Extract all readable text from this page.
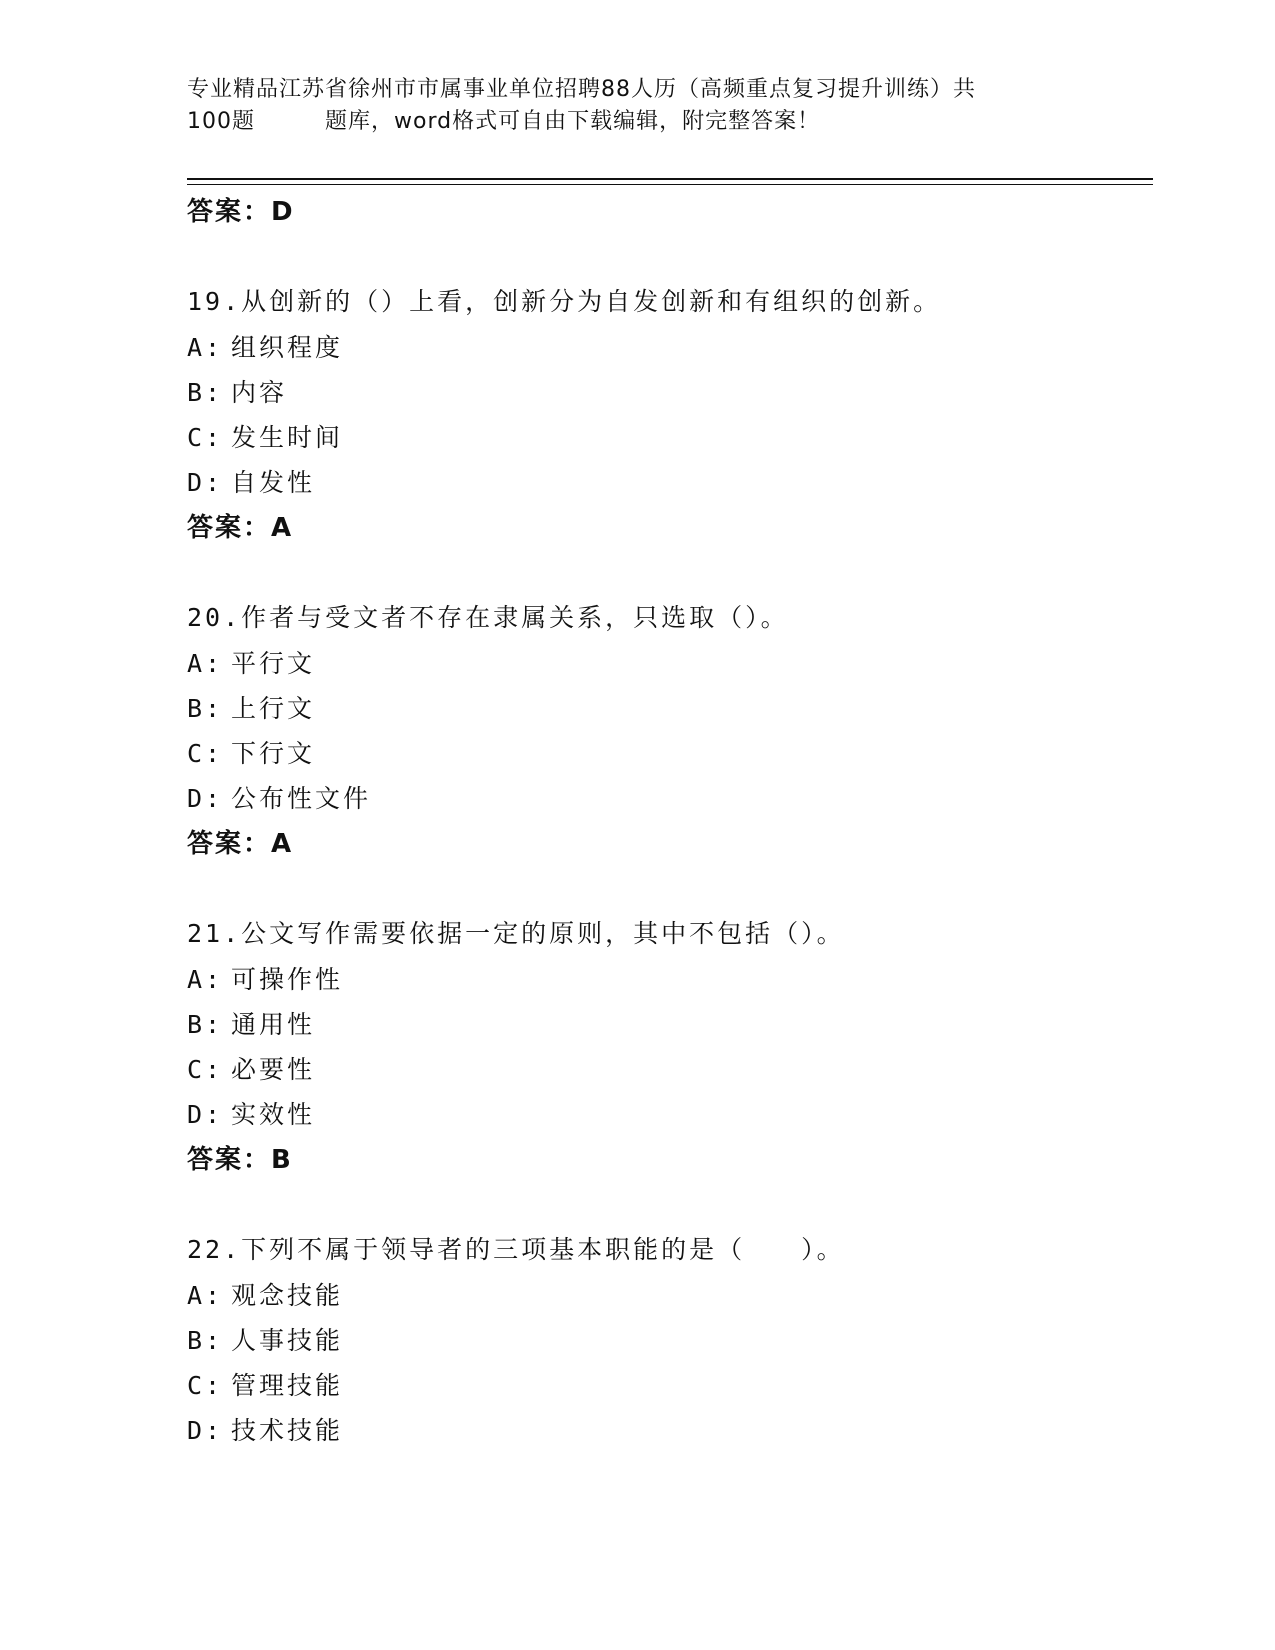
专业精品江苏省徐州市市属事业单位招聘88人历（高频重点复习提升训练）共
100题	题库，word格式可自由下载编辑，附完整答案！
答案：D
19.从创新的（）上看，创新分为自发创新和有组织的创新。
A: 组织程度
B: 内容
C: 发生时间
D: 自发性
答案：A
20.作者与受文者不存在隶属关系，只选取（）。
A: 平行文
B: 上行文
C: 下行文
D: 公布性文件
答案：A
21.公文写作需要依据一定的原则，其中不包括（）。
A: 可操作性
B: 通用性
C: 必要性
D: 实效性
答案：B
22.下列不属于领导者的三项基本职能的是（　　）。
A: 观念技能
B: 人事技能
C: 管理技能
D: 技术技能
